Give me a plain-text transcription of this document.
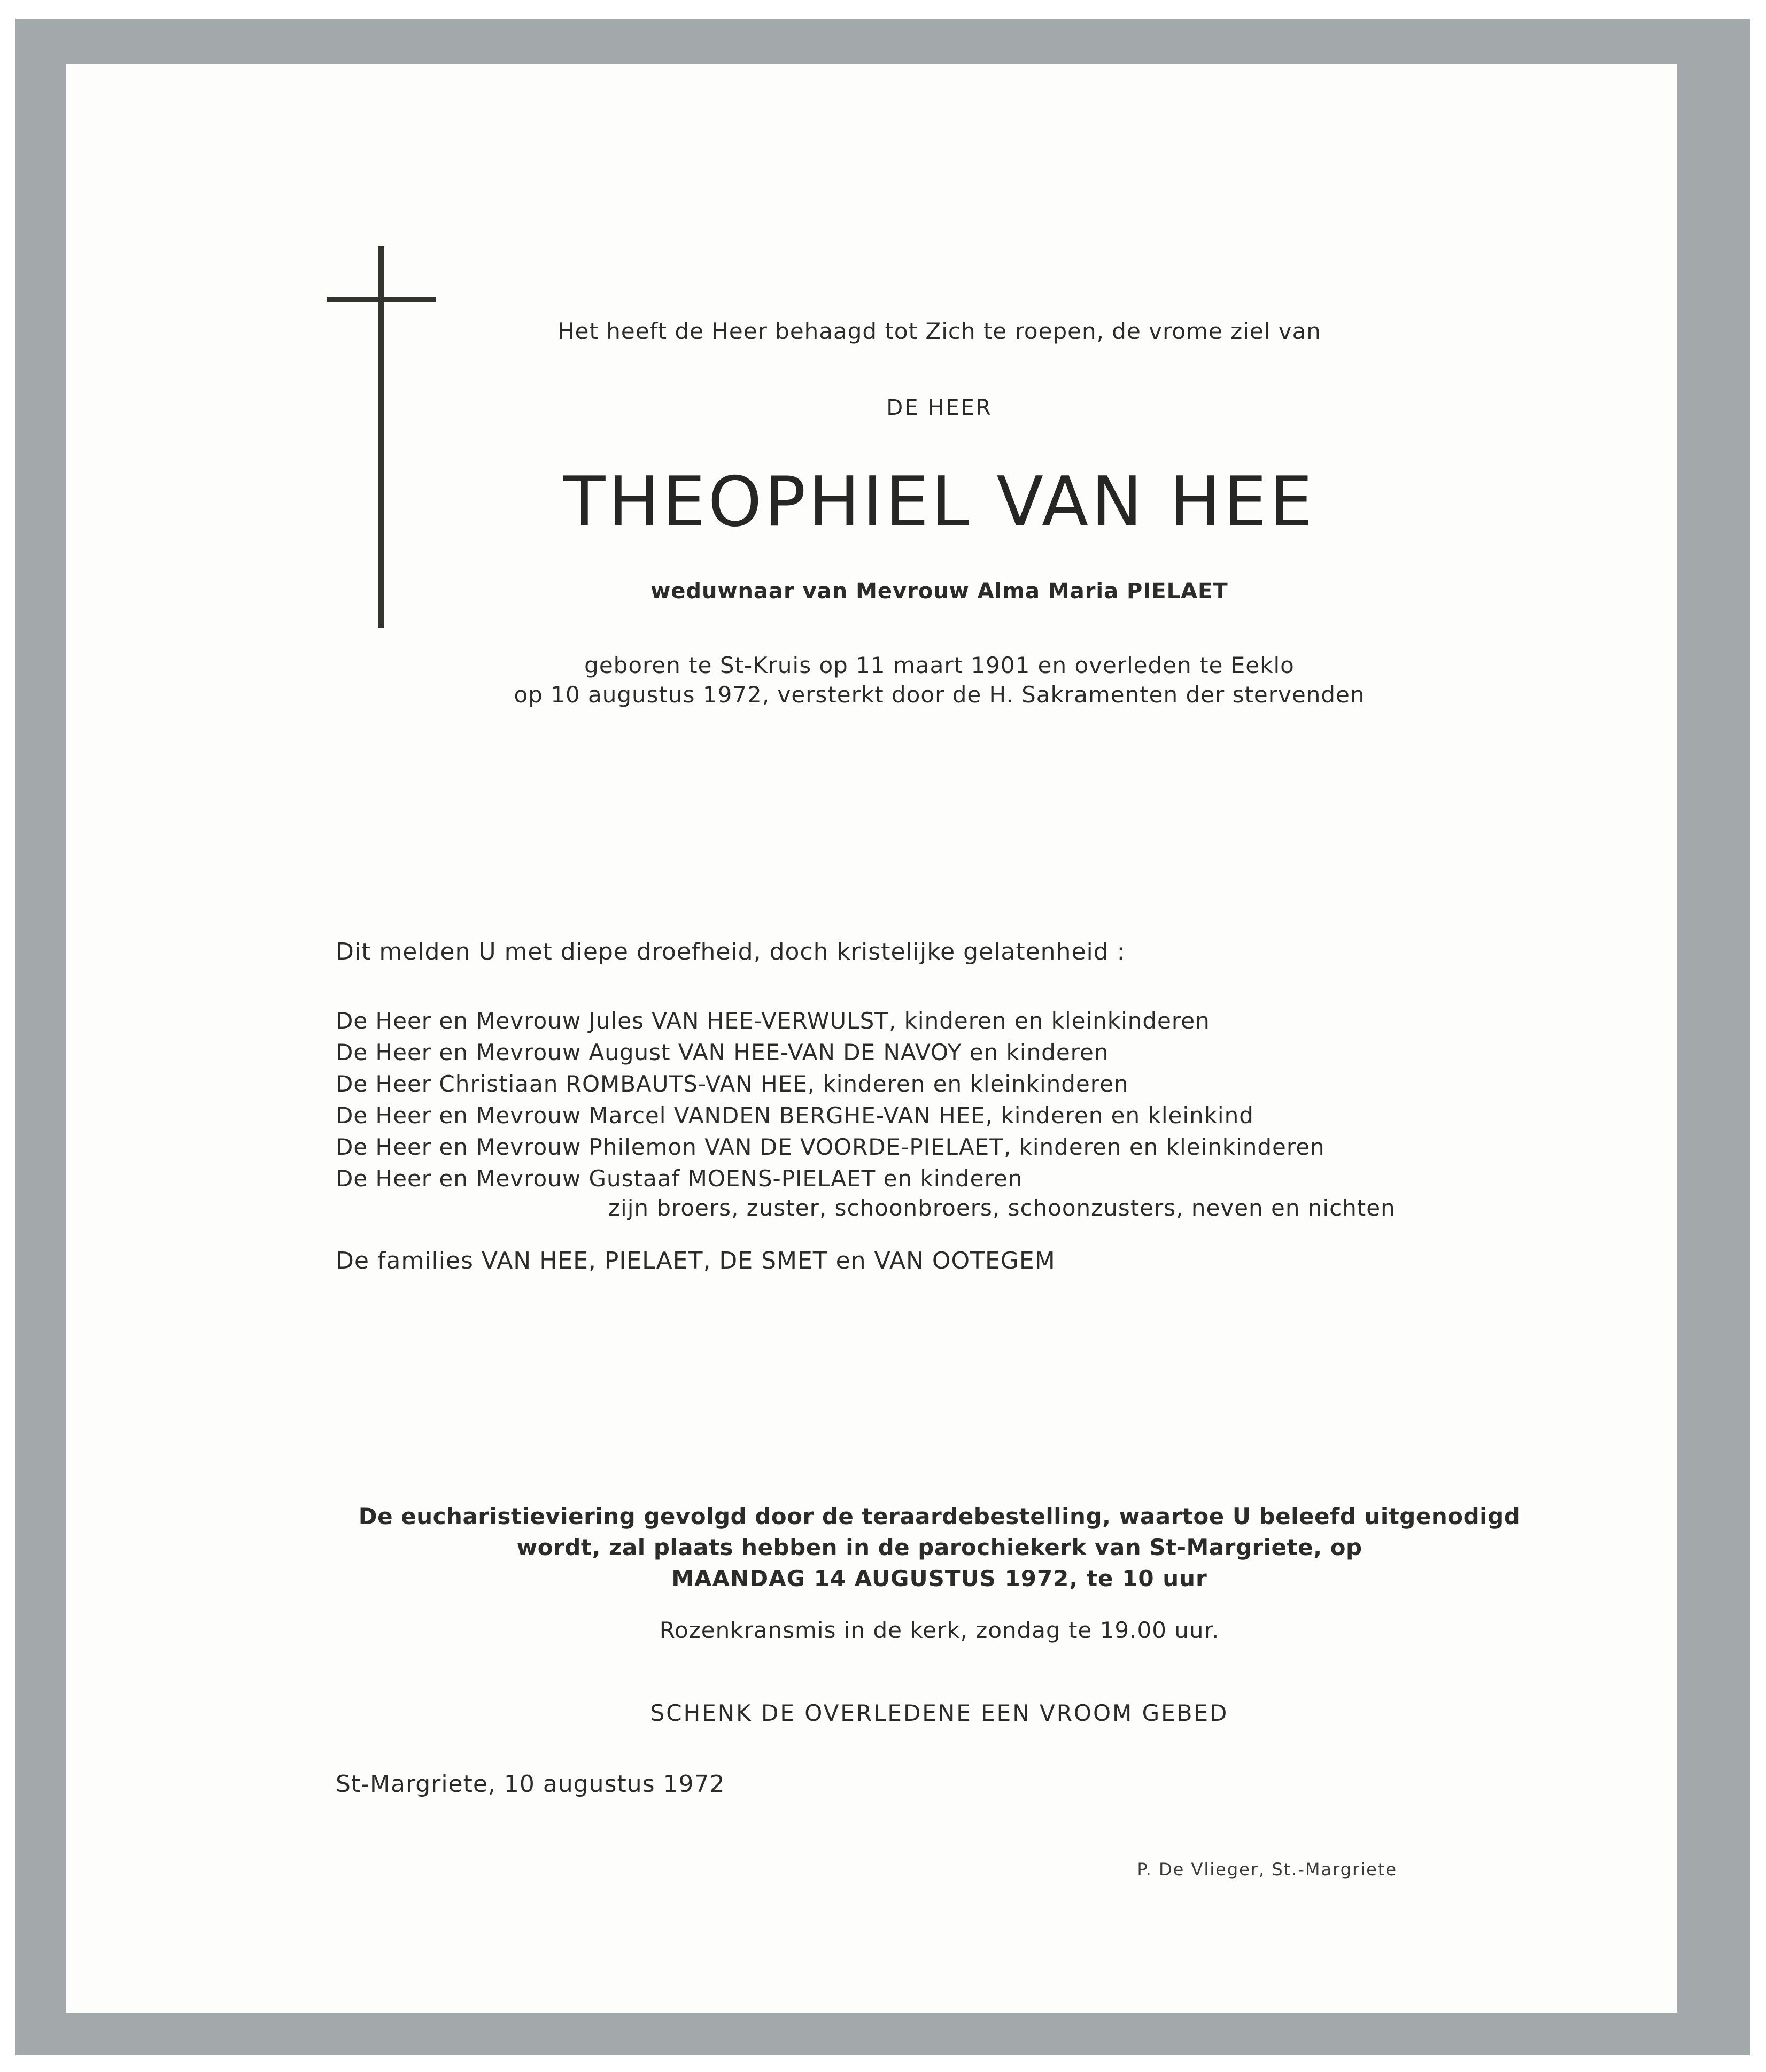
Het heeft de Heer behaagd tot Zich te roepen, de vrome ziel van
DE HEER
THEOPHIEL VAN HEE
weduwnaar van Mevrouw Alma Maria PIELAET
geboren te St-Kruis op 11 maart 1901 en overleden te Eeklo
op 10 augustus 1972, versterkt door de H. Sakramenten der stervenden
Dit melden U met diepe droefheid, doch kristelijke gelatenheid :
De Heer en Mevrouw Jules VAN HEE-VERWULST, kinderen en kleinkinderen
De Heer en Mevrouw August VAN HEE-VAN DE NAVOY en kinderen
De Heer Christiaan ROMBAUTS-VAN HEE, kinderen en kleinkinderen
De Heer en Mevrouw Marcel VANDEN BERGHE-VAN HEE, kinderen en kleinkind
De Heer en Mevrouw Philemon VAN DE VOORDE-PIELAET, kinderen en kleinkinderen
De Heer en Mevrouw Gustaaf MOENS-PIELAET en kinderen
zijn broers, zuster, schoonbroers, schoonzusters, neven en nichten
De families VAN HEE, PIELAET, DE SMET en VAN OOTEGEM
De eucharistieviering gevolgd door de teraardebestelling, waartoe U beleefd uitgenodigd
wordt, zal plaats hebben in de parochiekerk van St-Margriete, op
MAANDAG 14 AUGUSTUS 1972, te 10 uur
Rozenkransmis in de kerk, zondag te 19.00 uur.
SCHENK DE OVERLEDENE EEN VROOM GEBED
St-Margriete, 10 augustus 1972
P. De Vlieger, St.-Margriete
